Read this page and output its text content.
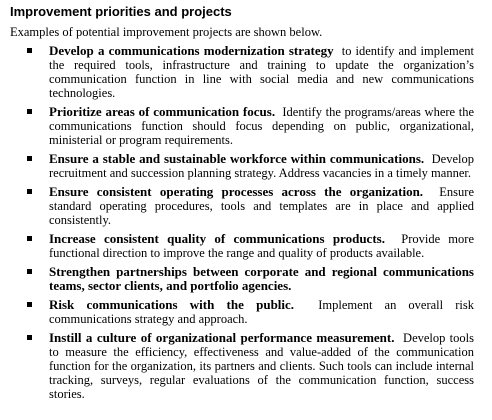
Improvement priorities and projects
Examples of potential improvement projects are shown below.
Develop a communications modernization strategy  to identify and implement the required tools, infrastructure and training to update the organization’s communication function in line with social media and new communications technologies.
Prioritize areas of communication focus.  Identify the programs/areas where the communications function should focus depending on public, organizational, ministerial or program requirements.
Ensure a stable and sustainable workforce within communications.  Develop recruitment and succession planning strategy. Address vacancies in a timely manner.
Ensure consistent operating processes across the organization.  Ensure standard operating procedures, tools and templates are in place and applied consistently.
Increase consistent quality of communications products.  Provide more functional direction to improve the range and quality of products available.
Strengthen partnerships between corporate and regional communications teams, sector clients, and portfolio agencies.
Risk communications with the public.  Implement an overall risk communications strategy and approach.
Instill a culture of organizational performance measurement.  Develop tools to measure the efficiency, effectiveness and value-added of the communication function for the organization, its partners and clients. Such tools can include internal tracking, surveys, regular evaluations of the communication function, success stories.
